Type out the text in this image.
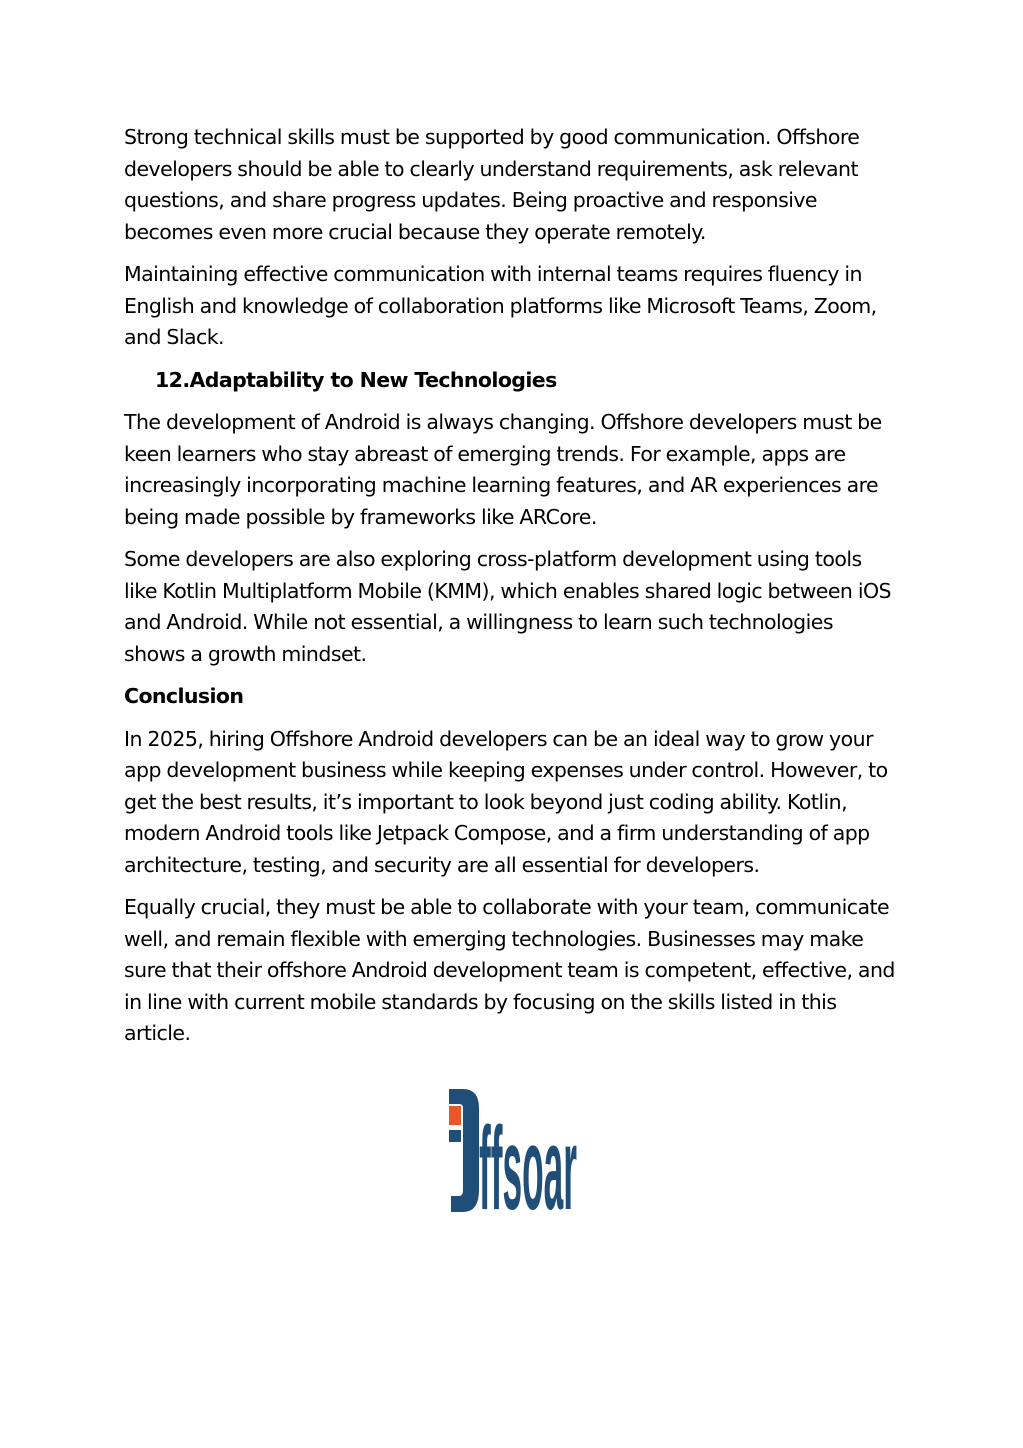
Strong technical skills must be supported by good communication. Offshore developers should be able to clearly understand requirements, ask relevant questions, and share progress updates. Being proactive and responsive becomes even more crucial because they operate remotely.

Maintaining effective communication with internal teams requires fluency in English and knowledge of collaboration platforms like Microsoft Teams, Zoom, and Slack.

12.Adaptability to New Technologies

The development of Android is always changing. Offshore developers must be keen learners who stay abreast of emerging trends. For example, apps are increasingly incorporating machine learning features, and AR experiences are being made possible by frameworks like ARCore.

Some developers are also exploring cross-platform development using tools like Kotlin Multiplatform Mobile (KMM), which enables shared logic between iOS and Android. While not essential, a willingness to learn such technologies shows a growth mindset.

Conclusion

In 2025, hiring Offshore Android developers can be an ideal way to grow your app development business while keeping expenses under control. However, to get the best results, it’s important to look beyond just coding ability. Kotlin, modern Android tools like Jetpack Compose, and a firm understanding of app architecture, testing, and security are all essential for developers.

Equally crucial, they must be able to collaborate with your team, communicate well, and remain flexible with emerging technologies. Businesses may make sure that their offshore Android development team is competent, effective, and in line with current mobile standards by focusing on the skills listed in this article.

ffsoar
